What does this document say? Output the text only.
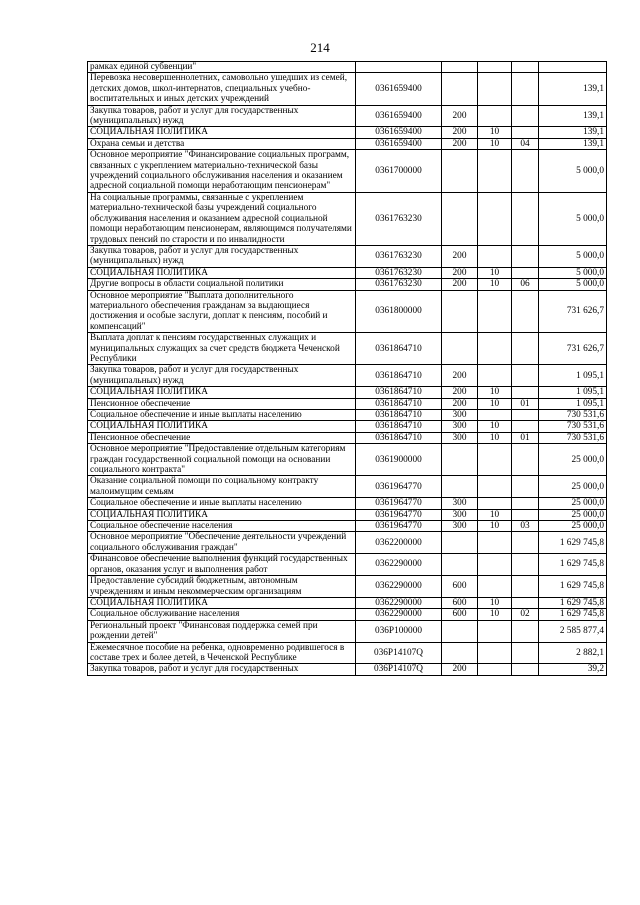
214
рамках единой субвенции"					
Перевозка несовершеннолетних, самовольно ушедших из семей, детских домов, школ-интернатов, специальных учебно-воспитательных и иных детских учреждений	0361659400				139,1
Закупка товаров, работ и услуг для государственных (муниципальных) нужд	0361659400	200			139,1
СОЦИАЛЬНАЯ ПОЛИТИКА	0361659400	200	10		139,1
Охрана семьи и детства	0361659400	200	10	04	139,1
Основное мероприятие "Финансирование социальных программ, связанных с укреплением материально-технической базы учреждений социального обслуживания населения и оказанием адресной социальной помощи неработающим пенсионерам"	0361700000				5 000,0
На социальные программы, связанные с укреплением материально-технической базы учреждений социального обслуживания населения и оказанием адресной социальной помощи неработающим пенсионерам, являющимся получателями трудовых пенсий по старости и по инвалидности	0361763230				5 000,0
Закупка товаров, работ и услуг для государственных (муниципальных) нужд	0361763230	200			5 000,0
СОЦИАЛЬНАЯ ПОЛИТИКА	0361763230	200	10		5 000,0
Другие вопросы в области социальной политики	0361763230	200	10	06	5 000,0
Основное мероприятие "Выплата дополнительного материального обеспечения гражданам за выдающиеся достижения и особые заслуги, доплат к пенсиям, пособий и компенсаций"	0361800000				731 626,7
Выплата доплат к пенсиям государственных служащих и муниципальных служащих за счет средств бюджета Чеченской Республики	0361864710				731 626,7
Закупка товаров, работ и услуг для государственных (муниципальных) нужд	0361864710	200			1 095,1
СОЦИАЛЬНАЯ ПОЛИТИКА	0361864710	200	10		1 095,1
Пенсионное обеспечение	0361864710	200	10	01	1 095,1
Социальное обеспечение и иные выплаты населению	0361864710	300			730 531,6
СОЦИАЛЬНАЯ ПОЛИТИКА	0361864710	300	10		730 531,6
Пенсионное обеспечение	0361864710	300	10	01	730 531,6
Основное мероприятие "Предоставление отдельным категориям граждан государственной социальной помощи на основании социального контракта"	0361900000				25 000,0
Оказание социальной помощи по социальному контракту малоимущим семьям	0361964770				25 000,0
Социальное обеспечение и иные выплаты населению	0361964770	300			25 000,0
СОЦИАЛЬНАЯ ПОЛИТИКА	0361964770	300	10		25 000,0
Социальное обеспечение населения	0361964770	300	10	03	25 000,0
Основное мероприятие "Обеспечение деятельности учреждений социального обслуживания граждан"	0362200000				1 629 745,8
Финансовое обеспечение выполнения функций государственных органов, оказания услуг и выполнения работ	0362290000				1 629 745,8
Предоставление субсидий бюджетным, автономным учреждениям и иным некоммерческим организациям	0362290000	600			1 629 745,8
СОЦИАЛЬНАЯ ПОЛИТИКА	0362290000	600	10		1 629 745,8
Социальное обслуживание населения	0362290000	600	10	02	1 629 745,8
Региональный проект "Финансовая поддержка семей при рождении детей"	036Р100000				2 585 877,4
Ежемесячное пособие на ребенка, одновременно родившегося в составе трех и более детей, в Чеченской Республике	036Р14107Q				2 882,1
Закупка товаров, работ и услуг для государственных	036Р14107Q	200			39,2
